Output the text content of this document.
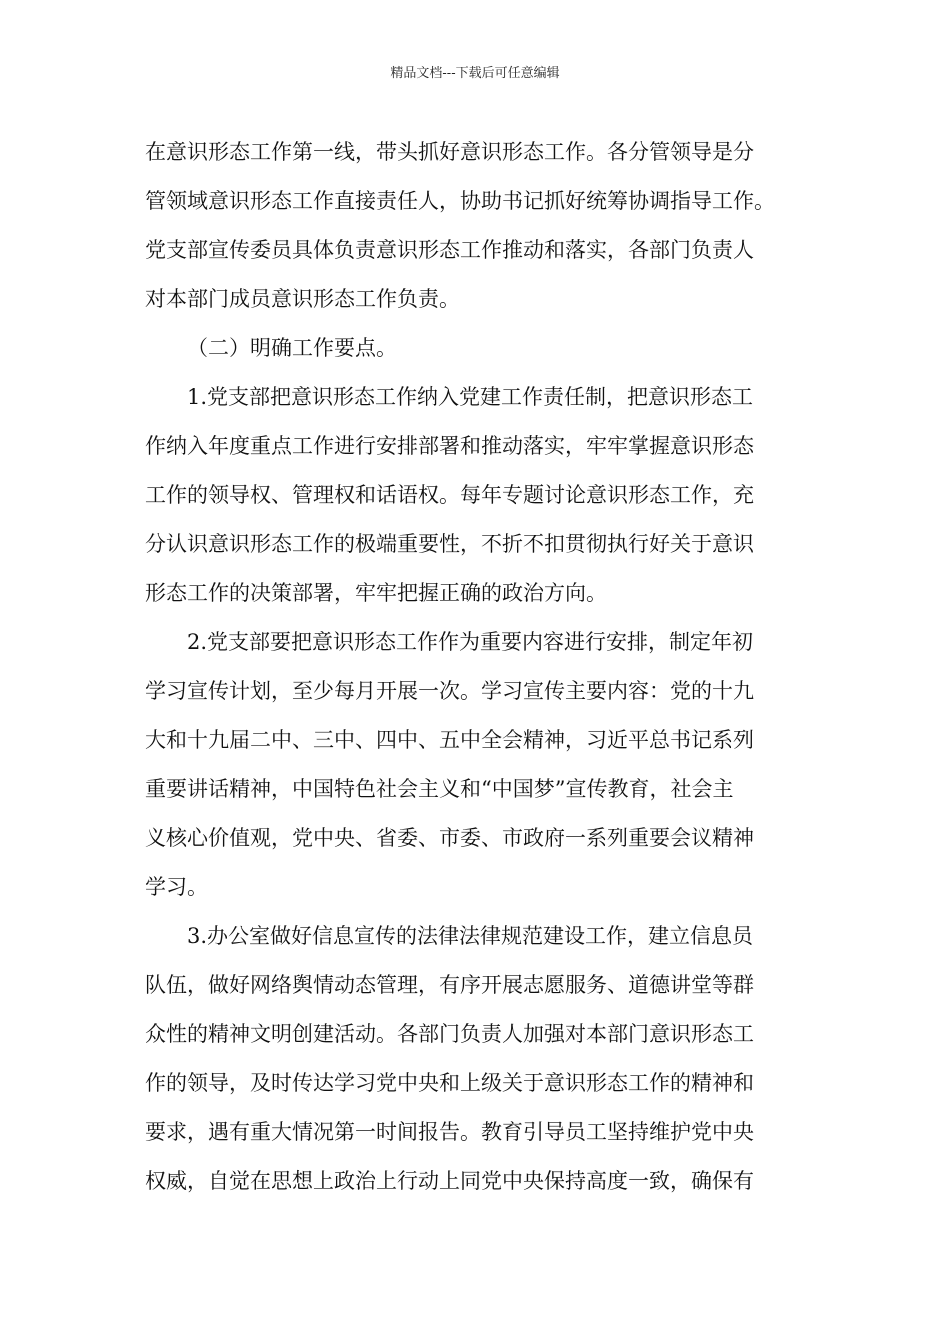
精品文档---下载后可任意编辑
在意识形态工作第一线，带头抓好意识形态工作。各分管领导是分
管领域意识形态工作直接责任人，协助书记抓好统筹协调指导工作。
党支部宣传委员具体负责意识形态工作推动和落实，各部门负责人
对本部门成员意识形态工作负责。
（二）明确工作要点。
1.党支部把意识形态工作纳入党建工作责任制，把意识形态工
作纳入年度重点工作进行安排部署和推动落实，牢牢掌握意识形态
工作的领导权、管理权和话语权。每年专题讨论意识形态工作，充
分认识意识形态工作的极端重要性，不折不扣贯彻执行好关于意识
形态工作的决策部署，牢牢把握正确的政治方向。
2.党支部要把意识形态工作作为重要内容进行安排，制定年初
学习宣传计划，至少每月开展一次。学习宣传主要内容：党的十九
大和十九届二中、三中、四中、五中全会精神，习近平总书记系列
重要讲话精神，中国特色社会主义和“中国梦”宣传教育，社会主
义核心价值观，党中央、省委、市委、市政府一系列重要会议精神
学习。
3.办公室做好信息宣传的法律法律规范建设工作，建立信息员
队伍，做好网络舆情动态管理，有序开展志愿服务、道德讲堂等群
众性的精神文明创建活动。各部门负责人加强对本部门意识形态工
作的领导，及时传达学习党中央和上级关于意识形态工作的精神和
要求，遇有重大情况第一时间报告。教育引导员工坚持维护党中央
权威，自觉在思想上政治上行动上同党中央保持高度一致，确保有
